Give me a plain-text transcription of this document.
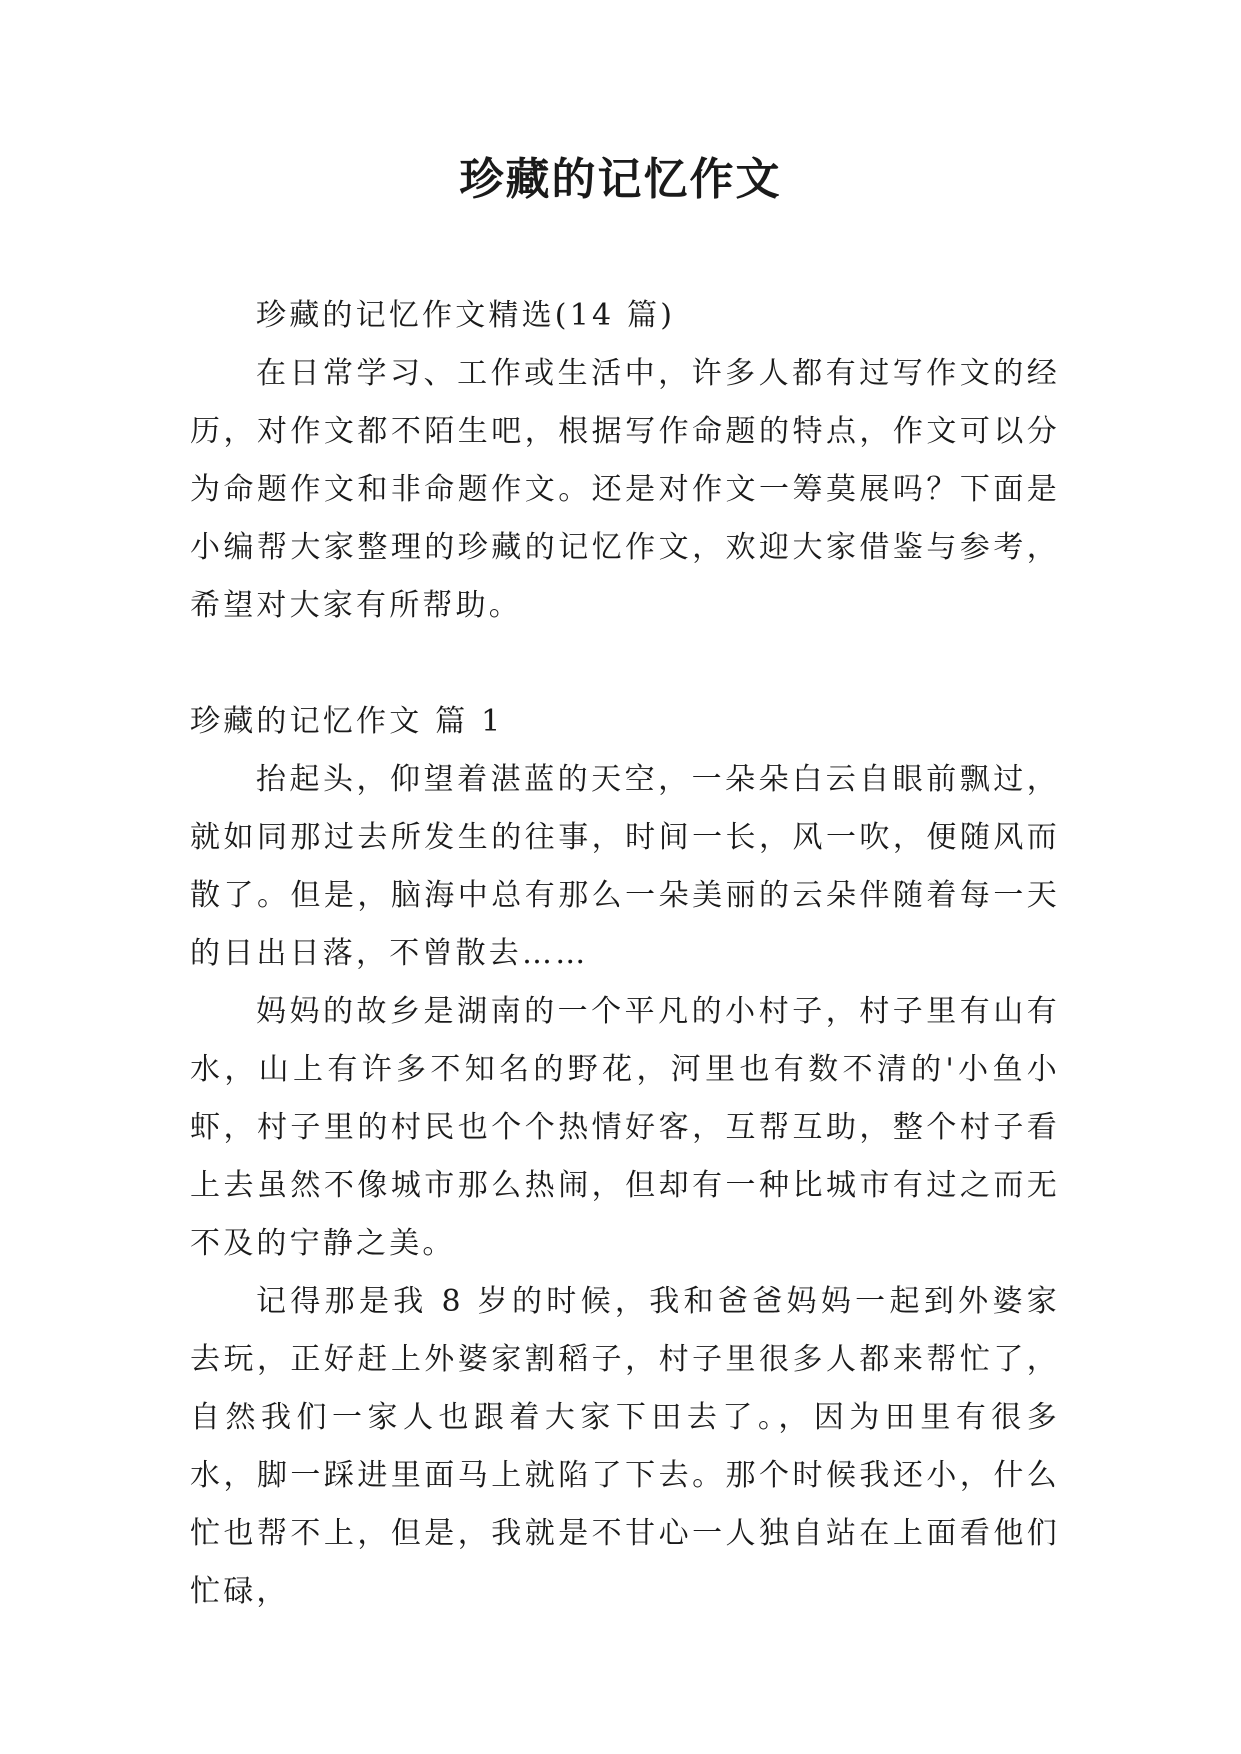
珍藏的记忆作文

珍藏的记忆作文精选(14 篇)

在日常学习、工作或生活中，许多人都有过写作文的经历，对作文都不陌生吧，根据写作命题的特点，作文可以分为命题作文和非命题作文。还是对作文一筹莫展吗？下面是小编帮大家整理的珍藏的记忆作文，欢迎大家借鉴与参考，希望对大家有所帮助。

珍藏的记忆作文 篇 1

抬起头，仰望着湛蓝的天空，一朵朵白云自眼前飘过，就如同那过去所发生的往事，时间一长，风一吹，便随风而散了。但是，脑海中总有那么一朵美丽的云朵伴随着每一天的日出日落，不曾散去……

妈妈的故乡是湖南的一个平凡的小村子，村子里有山有水，山上有许多不知名的野花，河里也有数不清的'小鱼小虾，村子里的村民也个个热情好客，互帮互助，整个村子看上去虽然不像城市那么热闹，但却有一种比城市有过之而无不及的宁静之美。

记得那是我 8 岁的时候，我和爸爸妈妈一起到外婆家去玩，正好赶上外婆家割稻子，村子里很多人都来帮忙了，自然我们一家人也跟着大家下田去了。，因为田里有很多水，脚一踩进里面马上就陷了下去。那个时候我还小，什么忙也帮不上，但是，我就是不甘心一人独自站在上面看他们忙碌，
